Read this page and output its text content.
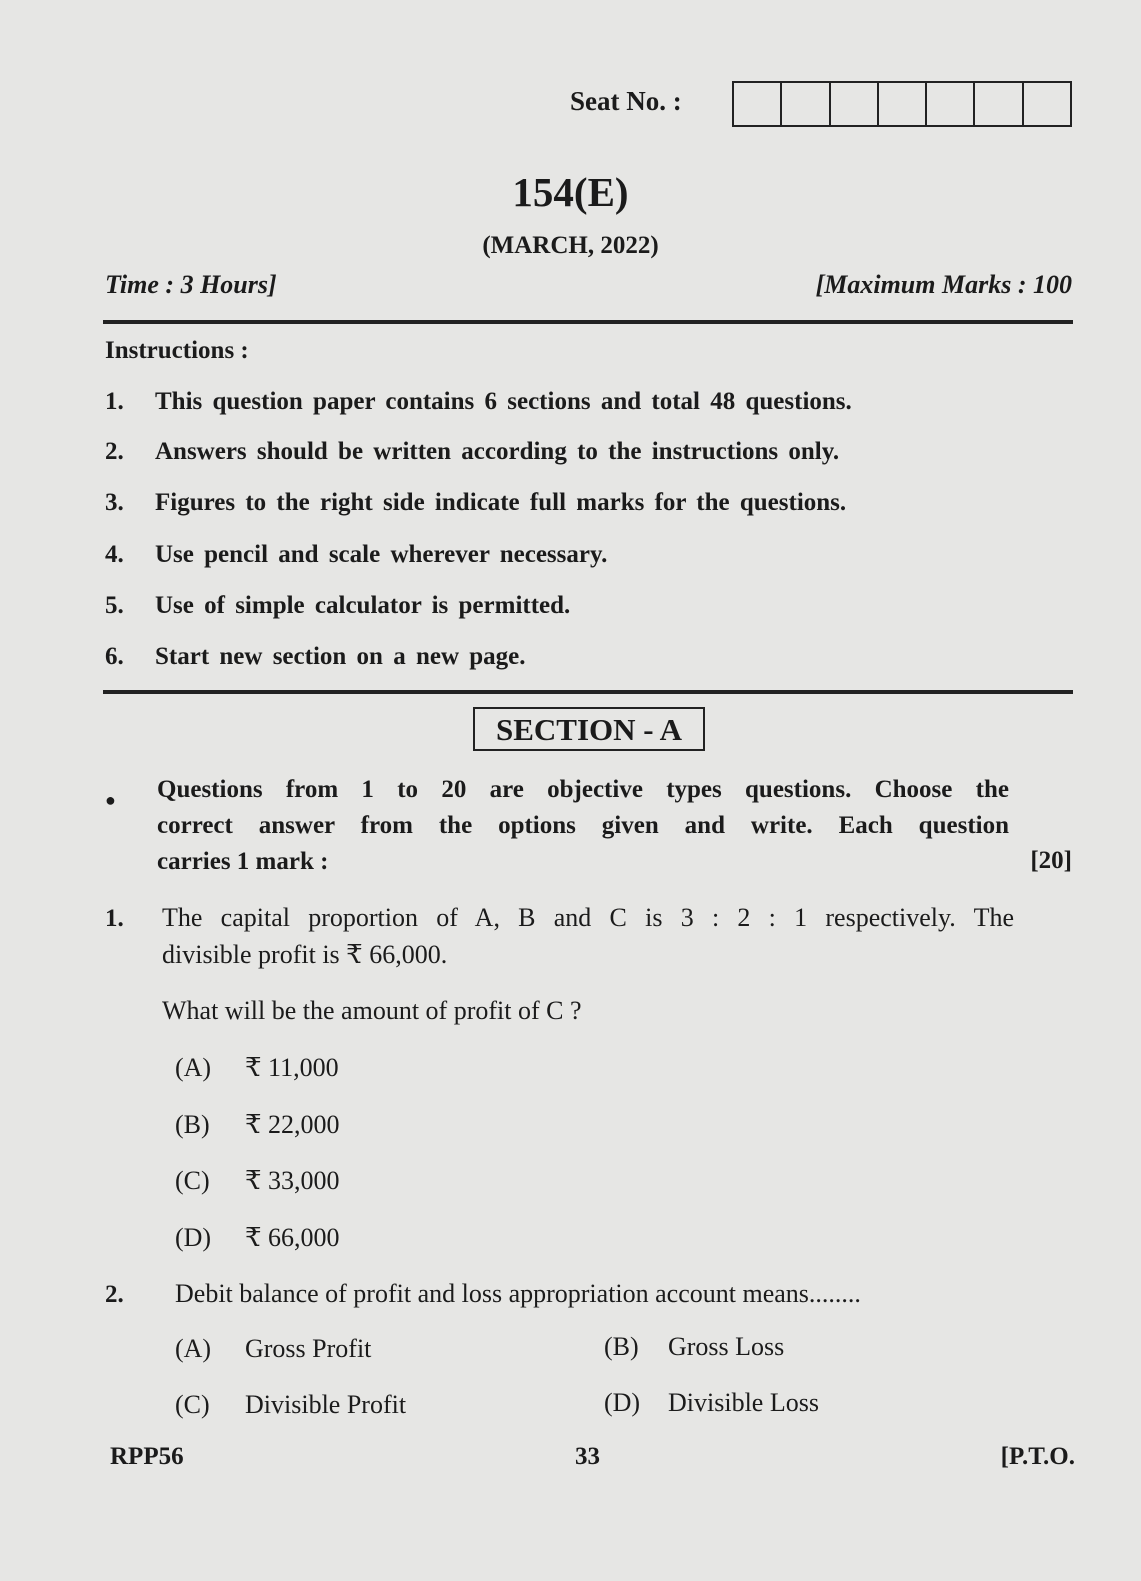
Seat No. :
154(E)
(MARCH, 2022)
Time : 3 Hours]	[Maximum Marks : 100
Instructions :
1. This question paper contains 6 sections and total 48 questions.
2. Answers should be written according to the instructions only.
3. Figures to the right side indicate full marks for the questions.
4. Use pencil and scale wherever necessary.
5. Use of simple calculator is permitted.
6. Start new section on a new page.
SECTION - A
● Questions from 1 to 20 are objective types questions. Choose the
correct answer from the options given and write. Each question
carries 1 mark :	[20]
1. The capital proportion of A, B and C is 3 : 2 : 1 respectively. The
divisible profit is ₹ 66,000.
What will be the amount of profit of C ?
(A) ₹ 11,000
(B) ₹ 22,000
(C) ₹ 33,000
(D) ₹ 66,000
2. Debit balance of profit and loss appropriation account means........
(A) Gross Profit	(B) Gross Loss
(C) Divisible Profit	(D) Divisible Loss
RPP56	33	[P.T.O.
